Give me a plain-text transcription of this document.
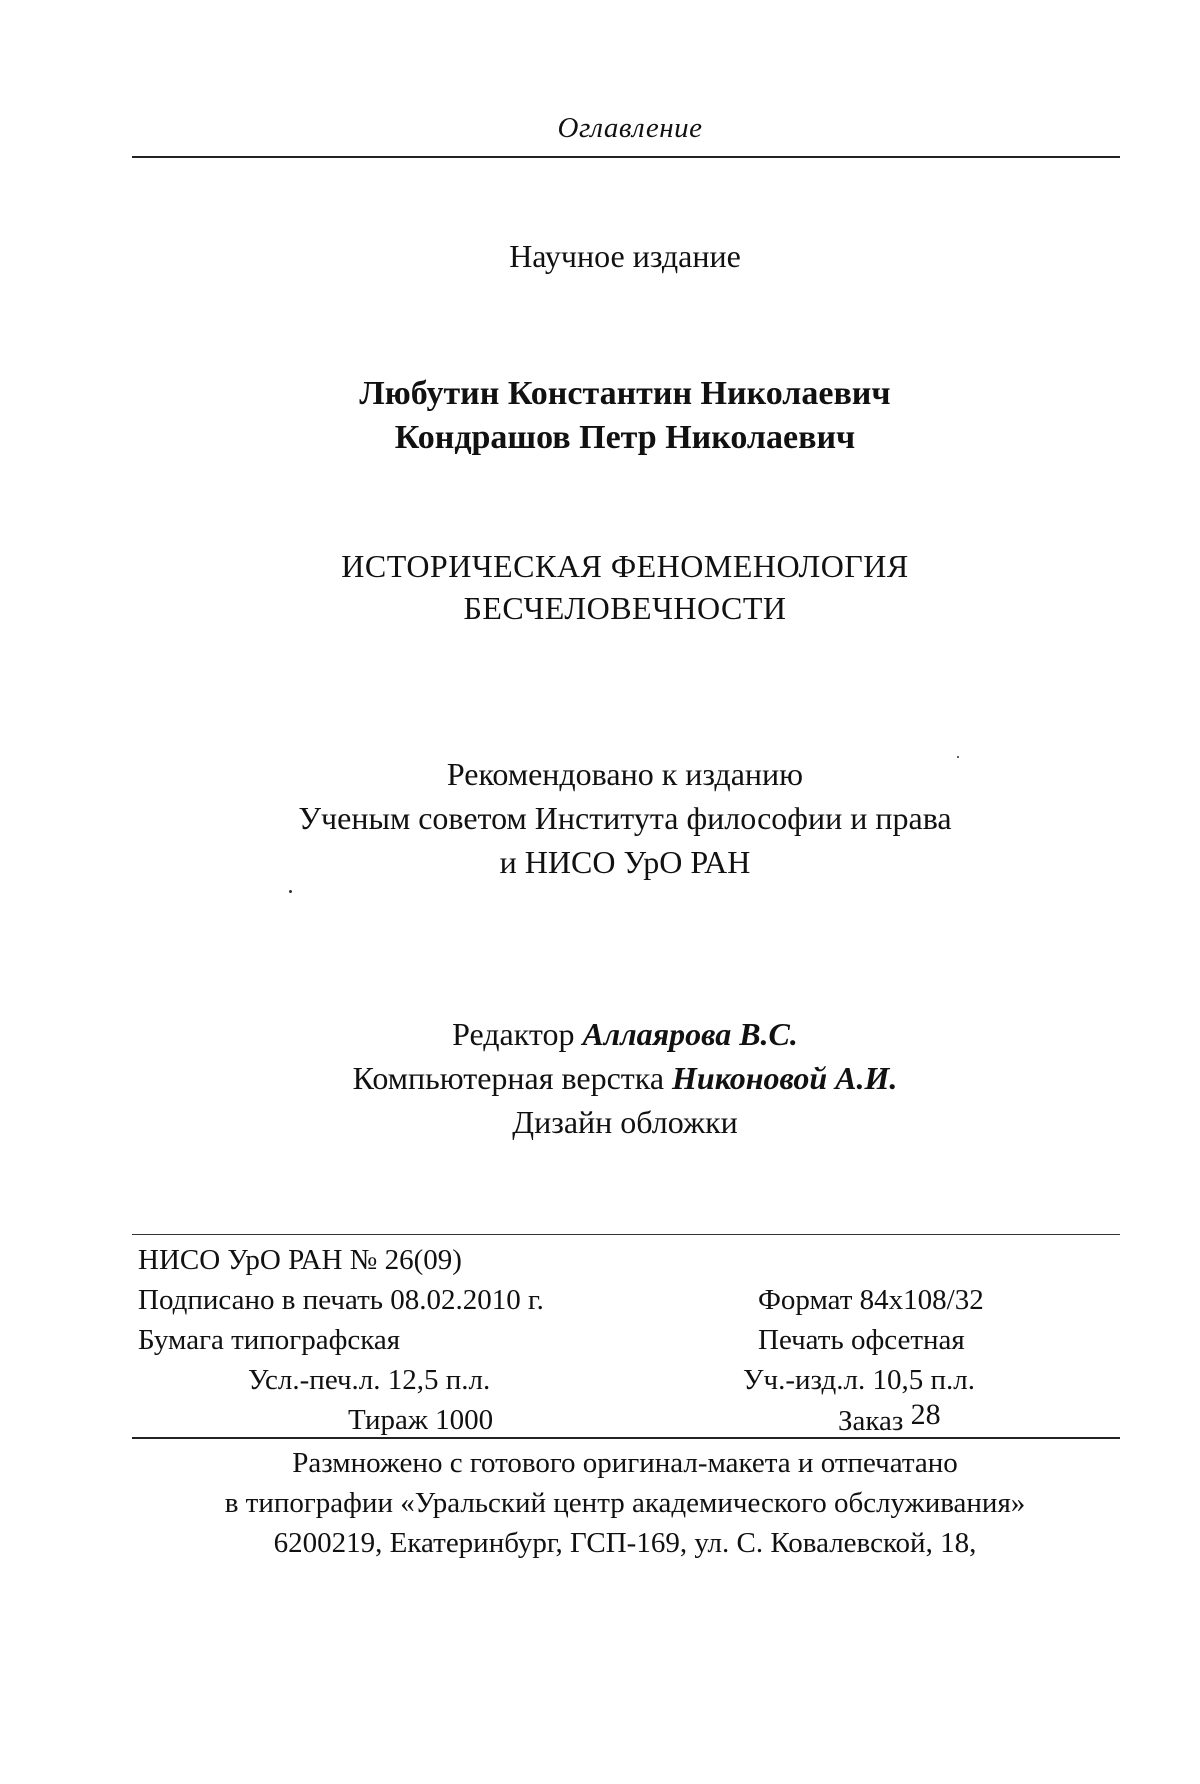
Оглавление
Научное издание
Любутин Константин Николаевич
Кондрашов Петр Николаевич
ИСТОРИЧЕСКАЯ ФЕНОМЕНОЛОГИЯ
БЕСЧЕЛОВЕЧНОСТИ
Рекомендовано к изданию
Ученым советом Института философии и права
и НИСО УрО РАН
Редактор Аллаярова В.С.
Компьютерная верстка Никоновой А.И.
Дизайн обложки
НИСО УрО РАН № 26(09)
Подписано в печать 08.02.2010 г.	Формат 84х108/32
Бумага типографская	Печать офсетная
Усл.-печ.л. 12,5 п.л.	Уч.-изд.л. 10,5 п.л.
Тираж 1000	Заказ 28
Размножено с готового оригинал-макета и отпечатано
в типографии «Уральский центр академического обслуживания»
6200219, Екатеринбург, ГСП-169, ул. С. Ковалевской, 18,
